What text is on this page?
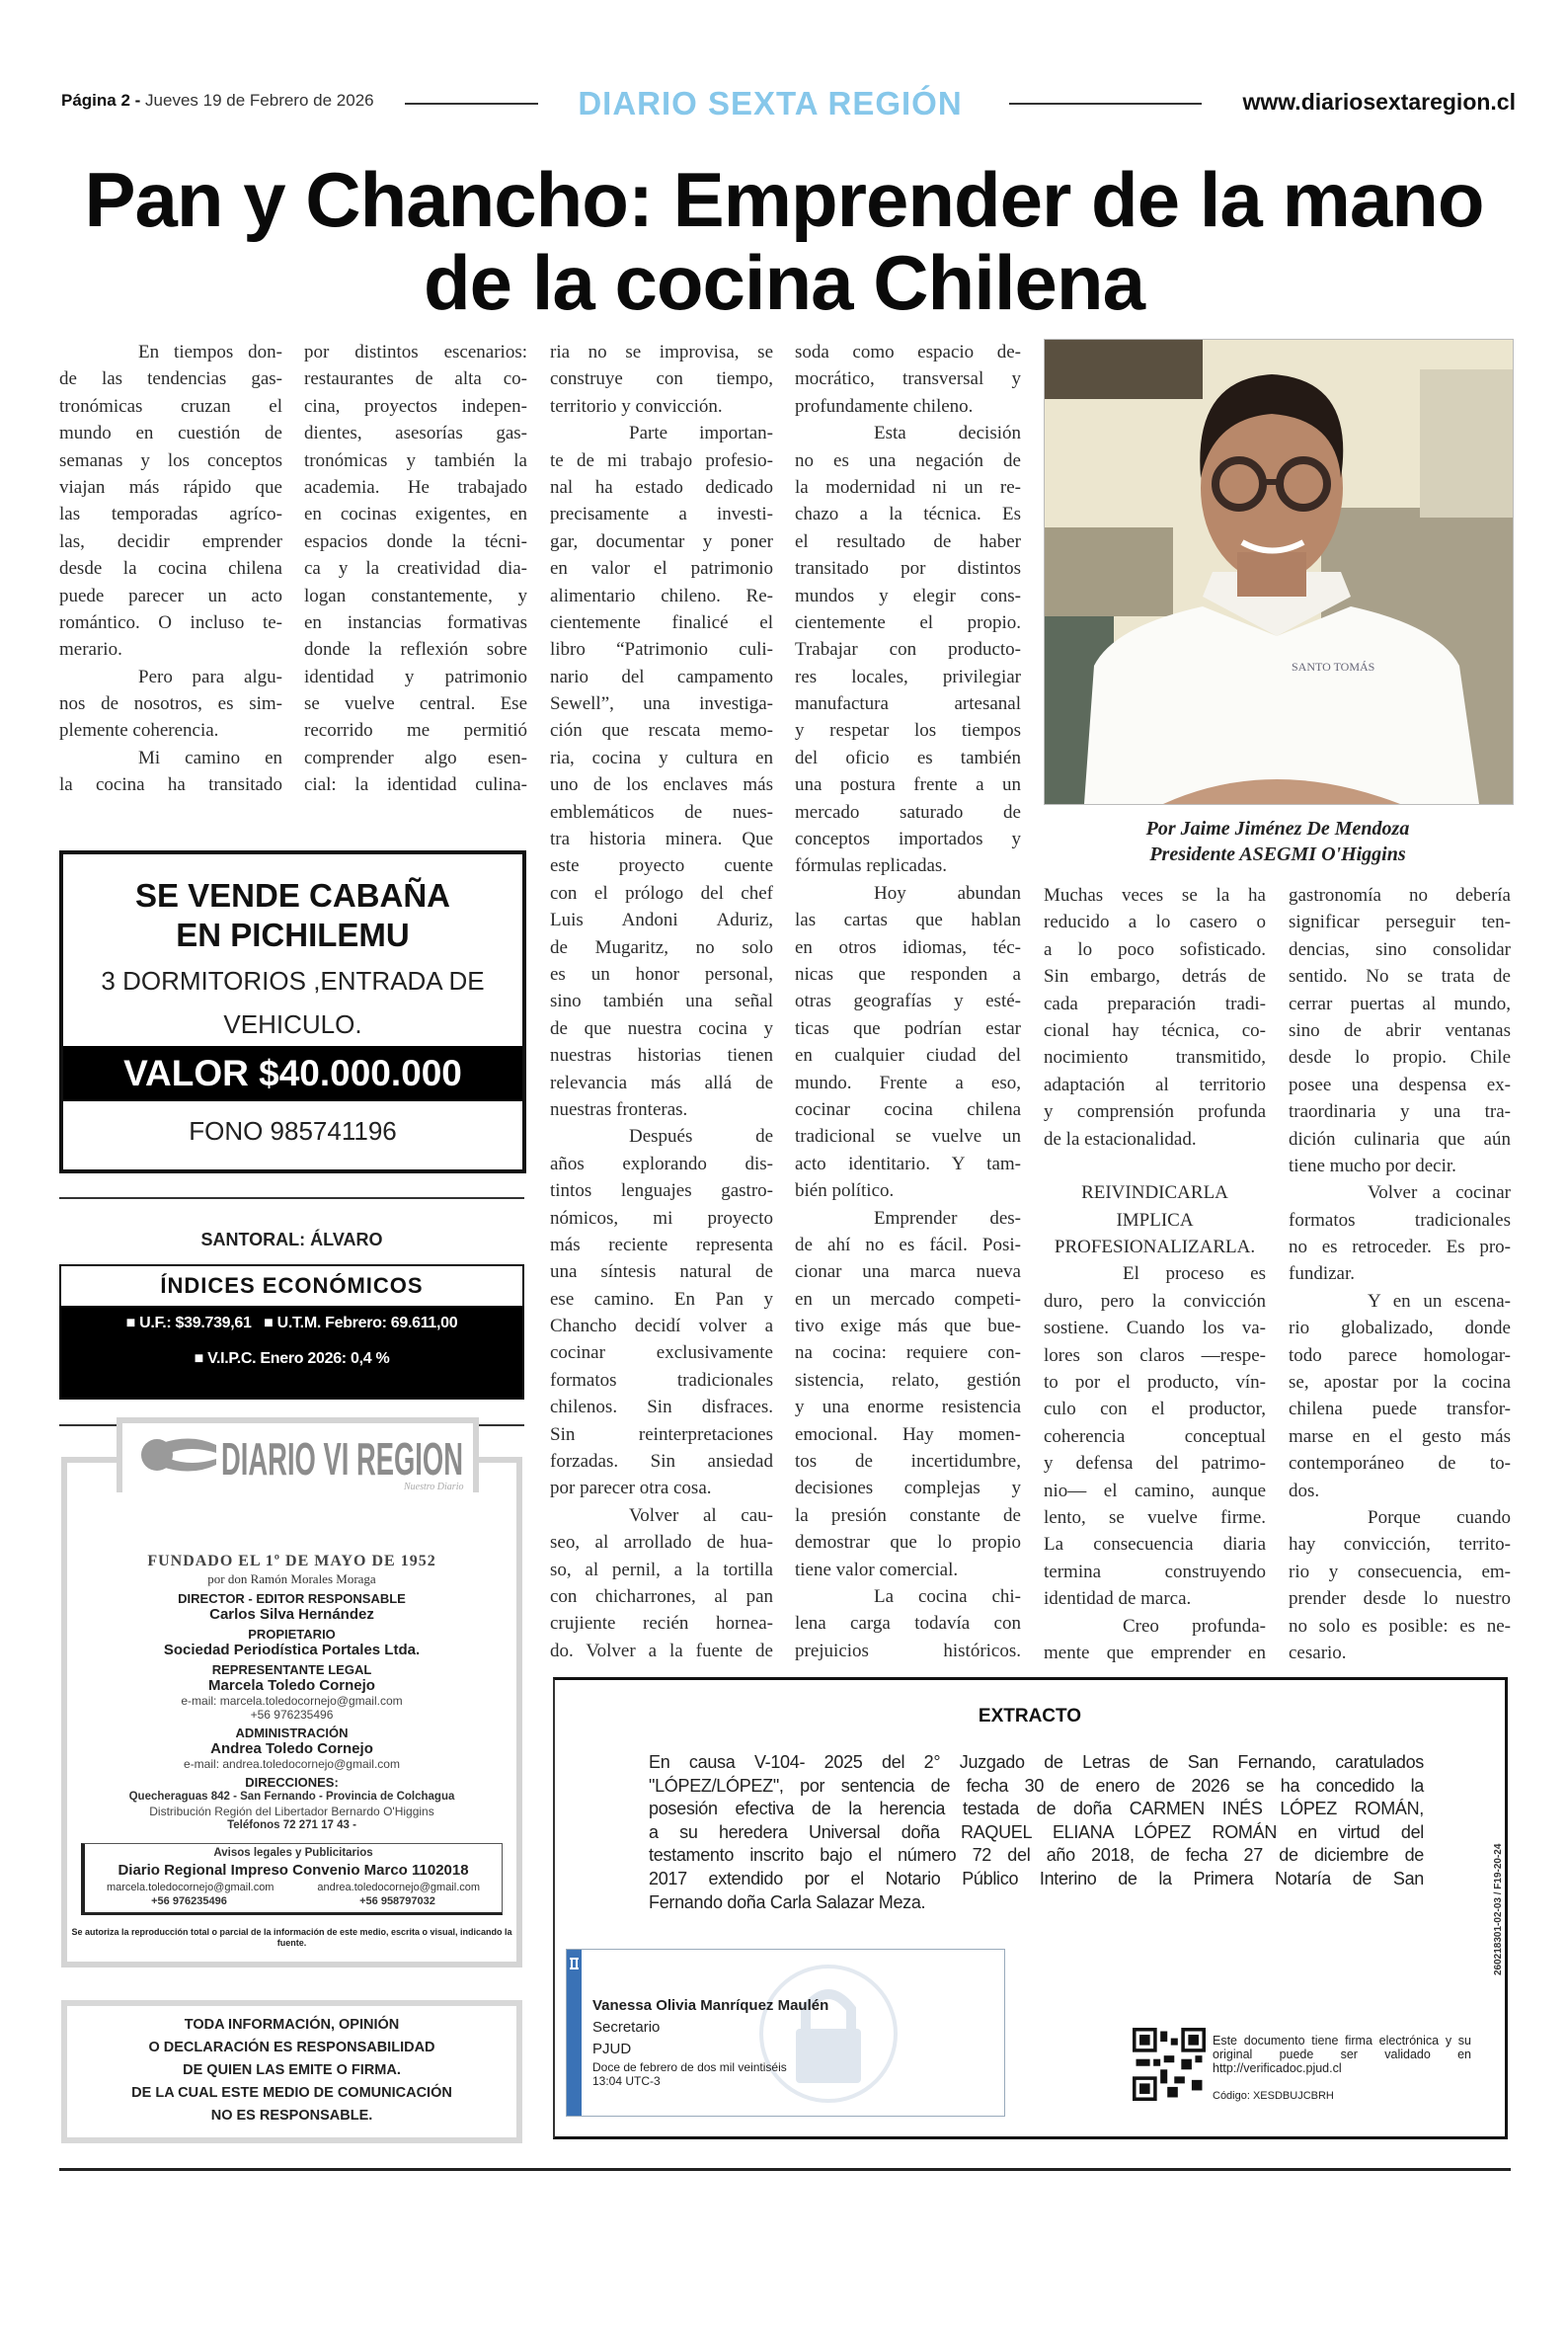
Página 2 - Jueves 19 de Febrero de 2026	DIARIO SEXTA REGIÓN	www.diariosextaregion.cl
Pan y Chancho: Emprender de la mano
de la cocina Chilena
En tiempos don-
de las tendencias gas-
tronómicas cruzan el
mundo en cuestión de
semanas y los conceptos
viajan más rápido que
las temporadas agríco-
las, decidir emprender
desde la cocina chilena
puede parecer un acto
romántico. O incluso te-
merario.
Pero para algu-
nos de nosotros, es sim-
plemente coherencia.
Mi camino en
la cocina ha transitado
por distintos escenarios:
restaurantes de alta co-
cina, proyectos indepen-
dientes, asesorías gas-
tronómicas y también la
academia. He trabajado
en cocinas exigentes, en
espacios donde la técni-
ca y la creatividad dia-
logan constantemente, y
en instancias formativas
donde la reflexión sobre
identidad y patrimonio
se vuelve central. Ese
recorrido me permitió
comprender algo esen-
cial: la identidad culina-
ria no se improvisa, se
construye con tiempo,
territorio y convicción.
Parte importan-
te de mi trabajo profesio-
nal ha estado dedicado
precisamente a investi-
gar, documentar y poner
en valor el patrimonio
alimentario chileno. Re-
cientemente finalicé el
libro “Patrimonio culi-
nario del campamento
Sewell”, una investiga-
ción que rescata memo-
ria, cocina y cultura en
uno de los enclaves más
emblemáticos de nues-
tra historia minera. Que
este proyecto cuente
con el prólogo del chef
Luis Andoni Aduriz,
de Mugaritz, no solo
es un honor personal,
sino también una señal
de que nuestra cocina y
nuestras historias tienen
relevancia más allá de
nuestras fronteras.
Después de
años explorando dis-
tintos lenguajes gastro-
nómicos, mi proyecto
más reciente representa
una síntesis natural de
ese camino. En Pan y
Chancho decidí volver a
cocinar exclusivamente
formatos tradicionales
chilenos. Sin disfraces.
Sin reinterpretaciones
forzadas. Sin ansiedad
por parecer otra cosa.
Volver al cau-
seo, al arrollado de hua-
so, al pernil, a la tortilla
con chicharrones, al pan
crujiente recién hornea-
do. Volver a la fuente de
soda como espacio de-
mocrático, transversal y
profundamente chileno.
Esta decisión
no es una negación de
la modernidad ni un re-
chazo a la técnica. Es
el resultado de haber
transitado por distintos
mundos y elegir cons-
cientemente el propio.
Trabajar con producto-
res locales, privilegiar
manufactura artesanal
y respetar los tiempos
del oficio es también
una postura frente a un
mercado saturado de
conceptos importados y
fórmulas replicadas.
Hoy abundan
las cartas que hablan
en otros idiomas, téc-
nicas que responden a
otras geografías y esté-
ticas que podrían estar
en cualquier ciudad del
mundo. Frente a eso,
cocinar cocina chilena
tradicional se vuelve un
acto identitario. Y tam-
bién político.
Emprender des-
de ahí no es fácil. Posi-
cionar una marca nueva
en un mercado competi-
tivo exige más que bue-
na cocina: requiere con-
sistencia, relato, gestión
y una enorme resistencia
emocional. Hay momen-
tos de incertidumbre,
decisiones complejas y
la presión constante de
demostrar que lo propio
tiene valor comercial.
La cocina chi-
lena carga todavía con
prejuicios históricos.
Muchas veces se la ha
reducido a lo casero o
a lo poco sofisticado.
Sin embargo, detrás de
cada preparación tradi-
cional hay técnica, co-
nocimiento transmitido,
adaptación al territorio
y comprensión profunda
de la estacionalidad.
REIVINDICARLA
IMPLICA
PROFESIONALIZARLA.
El proceso es
duro, pero la convicción
sostiene. Cuando los va-
lores son claros —respe-
to por el producto, vín-
culo con el productor,
coherencia conceptual
y defensa del patrimo-
nio— el camino, aunque
lento, se vuelve firme.
La consecuencia diaria
termina construyendo
identidad de marca.
Creo profunda-
mente que emprender en
gastronomía no debería
significar perseguir ten-
dencias, sino consolidar
sentido. No se trata de
cerrar puertas al mundo,
sino de abrir ventanas
desde lo propio. Chile
posee una despensa ex-
traordinaria y una tra-
dición culinaria que aún
tiene mucho por decir.
Volver a cocinar
formatos tradicionales
no es retroceder. Es pro-
fundizar.
Y en un escena-
rio globalizado, donde
todo parece homologar-
se, apostar por la cocina
chilena puede transfor-
marse en el gesto más
contemporáneo de to-
dos.
Porque cuando
hay convicción, territo-
rio y consecuencia, em-
prender desde lo nuestro
no solo es posible: es ne-
cesario.
SANTO TOMÁS
Por Jaime Jiménez De Mendoza
Presidente ASEGMI O'Higgins
SE VENDE CABAÑA
EN PICHILEMU
3 DORMITORIOS ,ENTRADA DE
VEHICULO.
VALOR $40.000.000
FONO 985741196
SANTORAL: ÁLVARO
ÍNDICES ECONÓMICOS
■ U.F.: $39.739,61 ■ U.T.M. Febrero: 69.611,00
■ V.I.P.C. Enero 2026: 0,4 %
DIARIO VI REGION
Nuestro Diario
FUNDADO EL 1º DE MAYO DE 1952
por don Ramón Morales Moraga
DIRECTOR - EDITOR RESPONSABLE
Carlos Silva Hernández
PROPIETARIO
Sociedad Periodística Portales Ltda.
REPRESENTANTE LEGAL
Marcela Toledo Cornejo
e-mail: marcela.toledocornejo@gmail.com
+56 976235496
ADMINISTRACIÓN
Andrea Toledo Cornejo
e-mail: andrea.toledocornejo@gmail.com
DIRECCIONES:
Quecheraguas 842 - San Fernando - Provincia de Colchagua
Distribución Región del Libertador Bernardo O'Higgins
Teléfonos 72 271 17 43 -
Avisos legales y Publicitarios
Diario Regional Impreso Convenio Marco 1102018
marcela.toledocornejo@gmail.com	andrea.toledocornejo@gmail.com
+56 976235496	+56 958797032
Se autoriza la reproducción total o parcial de la información de este medio, escrita o visual, indicando la fuente.
TODA INFORMACIÓN, OPINIÓN
O DECLARACIÓN ES RESPONSABILIDAD
DE QUIEN LAS EMITE O FIRMA.
DE LA CUAL ESTE MEDIO DE COMUNICACIÓN
NO ES RESPONSABLE.
EXTRACTO
En causa V-104- 2025 del 2° Juzgado de Letras de San Fernando, caratulados
"LÓPEZ/LÓPEZ", por sentencia de fecha 30 de enero de 2026 se ha concedido la
posesión efectiva de la herencia testada de doña CARMEN INÉS LÓPEZ ROMÁN,
a su heredera Universal doña RAQUEL ELIANA LÓPEZ ROMÁN en virtud del
testamento inscrito bajo el número 72 del año 2018, de fecha 27 de diciembre de
2017 extendido por el Notario Público Interino de la Primera Notaría de San
Fernando doña Carla Salazar Meza.
Vanessa Olivia Manríquez Maulén
Secretario
PJUD
Doce de febrero de dos mil veintiséis
13:04 UTC-3
Este documento tiene firma electrónica y su original puede ser validado en http://verificadoc.pjud.cl
Código: XESDBUJCBRH
260218301-02-03 / F19-20-24
